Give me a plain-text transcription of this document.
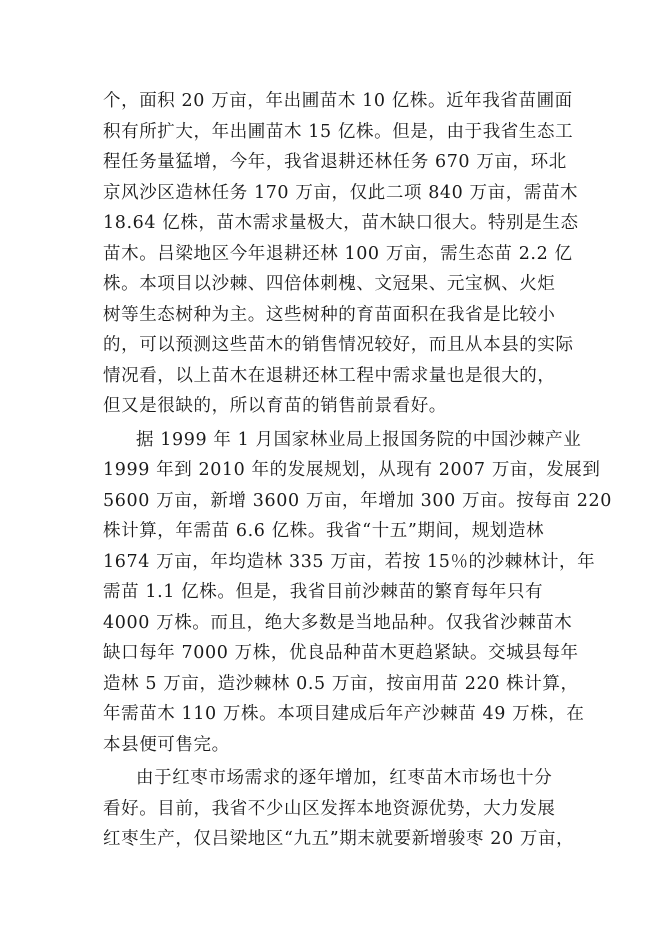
个，面积 20 万亩，年出圃苗木 10 亿株。近年我省苗圃面
积有所扩大，年出圃苗木 15 亿株。但是，由于我省生态工
程任务量猛增，今年，我省退耕还林任务 670 万亩，环北
京风沙区造林任务 170 万亩，仅此二项 840 万亩，需苗木
18.64 亿株，苗木需求量极大，苗木缺口很大。特别是生态
苗木。吕梁地区今年退耕还林 100 万亩，需生态苗 2.2 亿
株。本项目以沙棘、四倍体刺槐、文冠果、元宝枫、火炬
树等生态树种为主。这些树种的育苗面积在我省是比较小
的，可以预测这些苗木的销售情况较好，而且从本县的实际
情况看，以上苗木在退耕还林工程中需求量也是很大的，
但又是很缺的，所以育苗的销售前景看好。
据 1999 年 1 月国家林业局上报国务院的中国沙棘产业
1999 年到 2010 年的发展规划，从现有 2007 万亩，发展到
5600 万亩，新增 3600 万亩，年增加 300 万亩。按每亩 220
株计算，年需苗 6.6 亿株。我省“十五”期间，规划造林
1674 万亩，年均造林 335 万亩，若按 15％的沙棘林计，年
需苗 1.1 亿株。但是，我省目前沙棘苗的繁育每年只有
4000 万株。而且，绝大多数是当地品种。仅我省沙棘苗木
缺口每年 7000 万株，优良品种苗木更趋紧缺。交城县每年
造林 5 万亩，造沙棘林 0.5 万亩，按亩用苗 220 株计算，
年需苗木 110 万株。本项目建成后年产沙棘苗 49 万株，在
本县便可售完。
由于红枣市场需求的逐年增加，红枣苗木市场也十分
看好。目前，我省不少山区发挥本地资源优势，大力发展
红枣生产，仅吕梁地区“九五”期末就要新增骏枣 20 万亩，
